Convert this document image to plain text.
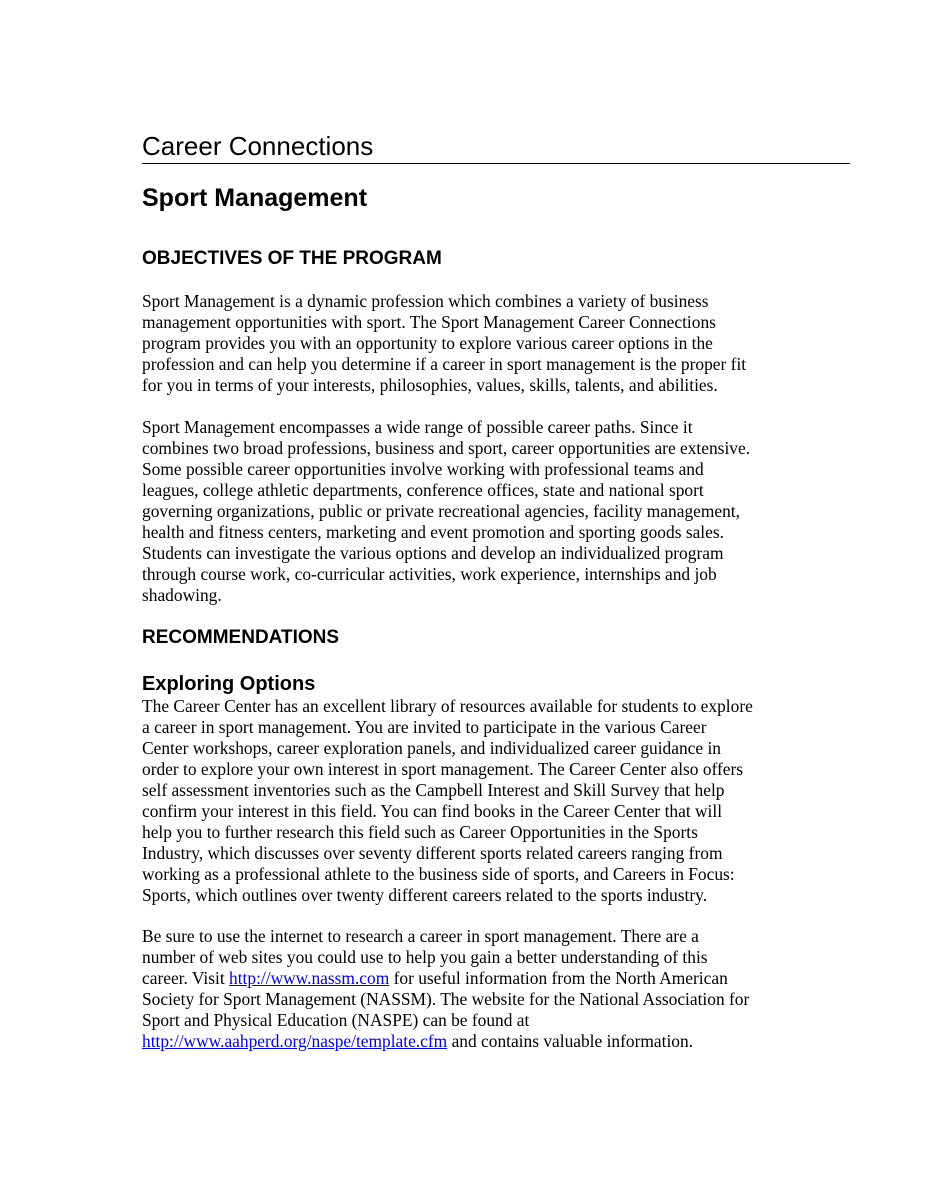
Career Connections
Sport Management
OBJECTIVES OF THE PROGRAM

Sport Management is a dynamic profession which combines a variety of business
management opportunities with sport. The Sport Management Career Connections
program provides you with an opportunity to explore various career options in the
profession and can help you determine if a career in sport management is the proper fit
for you in terms of your interests, philosophies, values, skills, talents, and abilities.

Sport Management encompasses a wide range of possible career paths. Since it
combines two broad professions, business and sport, career opportunities are extensive.
Some possible career opportunities involve working with professional teams and
leagues, college athletic departments, conference offices, state and national sport
governing organizations, public or private recreational agencies, facility management,
health and fitness centers, marketing and event promotion and sporting goods sales.
Students can investigate the various options and develop an individualized program
through course work, co-curricular activities, work experience, internships and job
shadowing.

RECOMMENDATIONS
Exploring Options

The Career Center has an excellent library of resources available for students to explore
a career in sport management. You are invited to participate in the various Career
Center workshops, career exploration panels, and individualized career guidance in
order to explore your own interest in sport management. The Career Center also offers
self assessment inventories such as the Campbell Interest and Skill Survey that help
confirm your interest in this field. You can find books in the Career Center that will
help you to further research this field such as Career Opportunities in the Sports
Industry, which discusses over seventy different sports related careers ranging from
working as a professional athlete to the business side of sports, and Careers in Focus:
Sports, which outlines over twenty different careers related to the sports industry.

Be sure to use the internet to research a career in sport management. There are a
number of web sites you could use to help you gain a better understanding of this
career. Visit http://www.nassm.com for useful information from the North American
Society for Sport Management (NASSM). The website for the National Association for
Sport and Physical Education (NASPE) can be found at
http://www.aahperd.org/naspe/template.cfm and contains valuable information.
